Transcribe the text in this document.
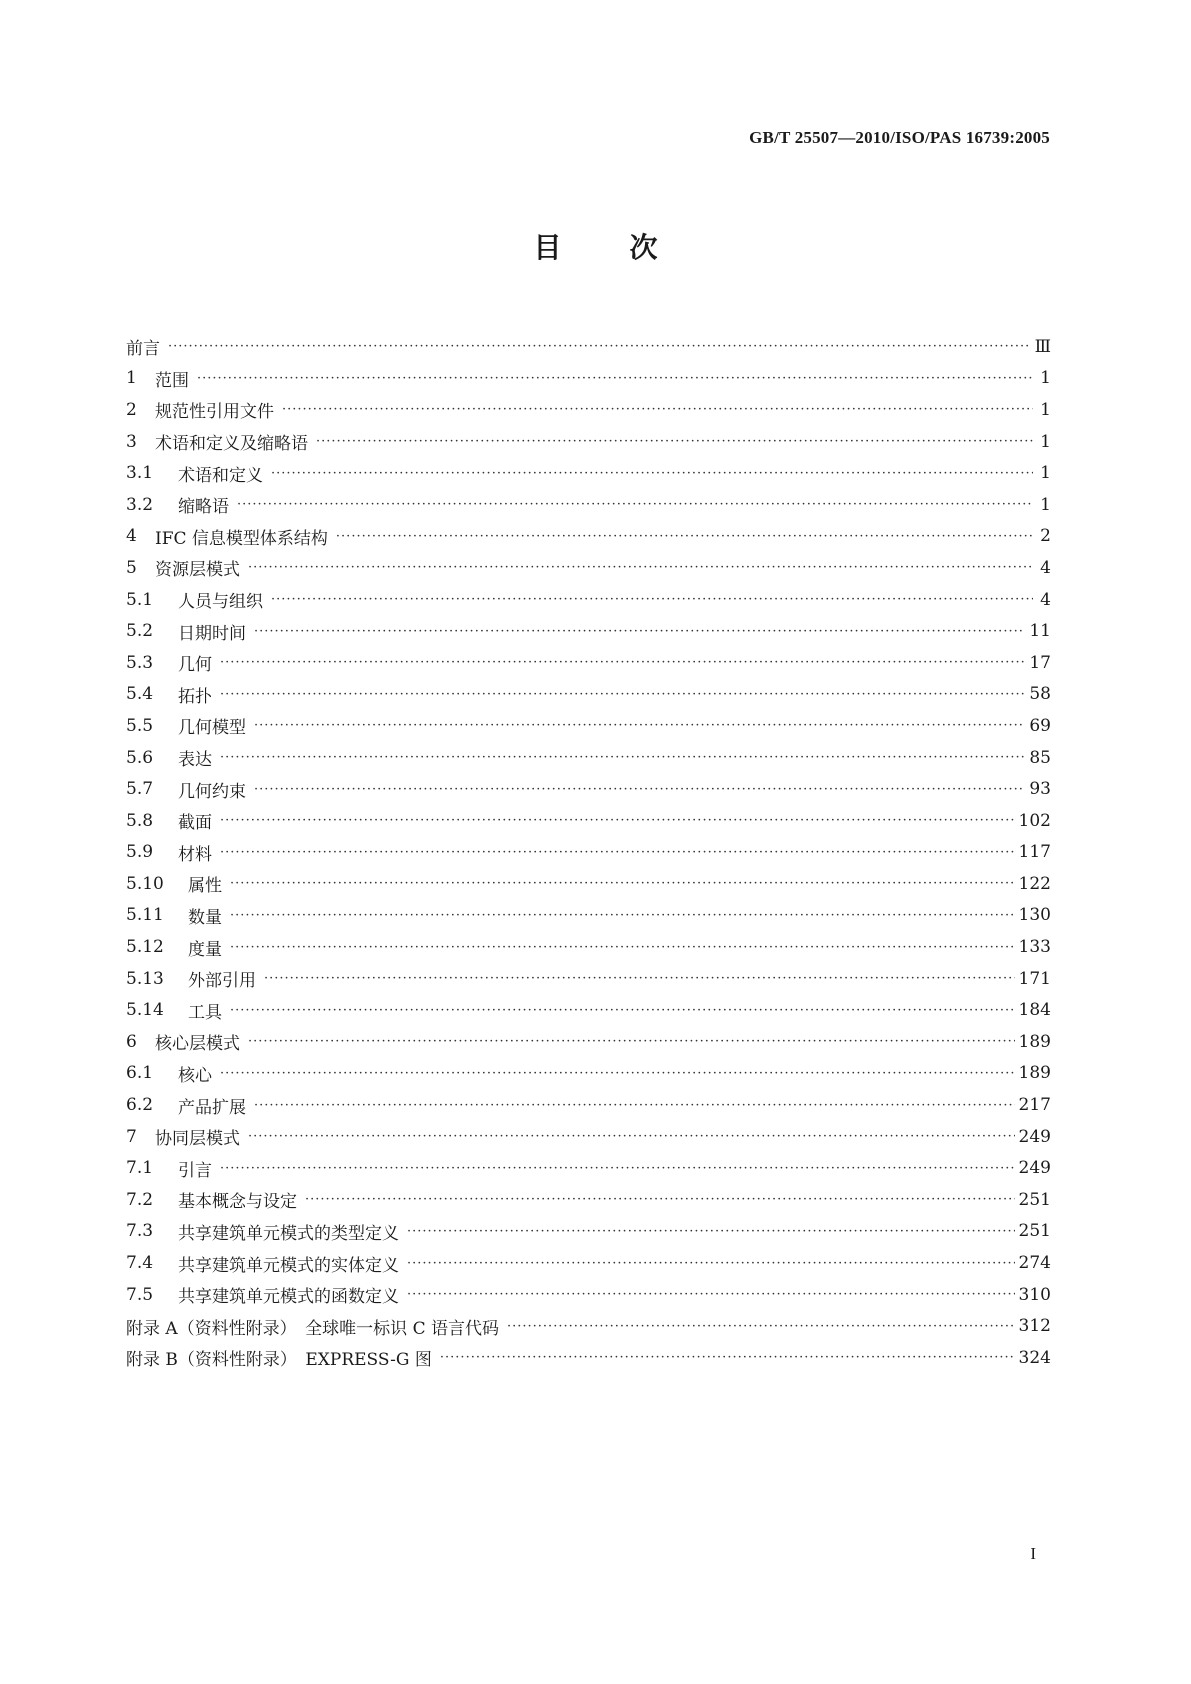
GB/T 25507—2010/ISO/PAS 16739:2005
目次
前言 ·····	Ⅲ
1	范围 ·····	1
2	规范性引用文件 ·····	1
3	术语和定义及缩略语 ·····	1
3.1	术语和定义 ·····	1
3.2	缩略语 ·····	1
4	IFC 信息模型体系结构 ·····	2
5	资源层模式 ·····	4
5.1	人员与组织 ·····	4
5.2	日期时间 ·····	11
5.3	几何 ·····	17
5.4	拓扑 ·····	58
5.5	几何模型 ·····	69
5.6	表达 ·····	85
5.7	几何约束 ·····	93
5.8	截面 ·····	102
5.9	材料 ·····	117
5.10	属性 ·····	122
5.11	数量 ·····	130
5.12	度量 ·····	133
5.13	外部引用 ·····	171
5.14	工具 ·····	184
6	核心层模式 ·····	189
6.1	核心 ·····	189
6.2	产品扩展 ·····	217
7	协同层模式 ·····	249
7.1	引言 ·····	249
7.2	基本概念与设定 ·····	251
7.3	共享建筑单元模式的类型定义 ·····	251
7.4	共享建筑单元模式的实体定义 ·····	274
7.5	共享建筑单元模式的函数定义 ·····	310
附录 A（资料性附录）　全球唯一标识 C 语言代码 ·····	312
附录 B（资料性附录）　EXPRESS-G 图 ·····	324
I
